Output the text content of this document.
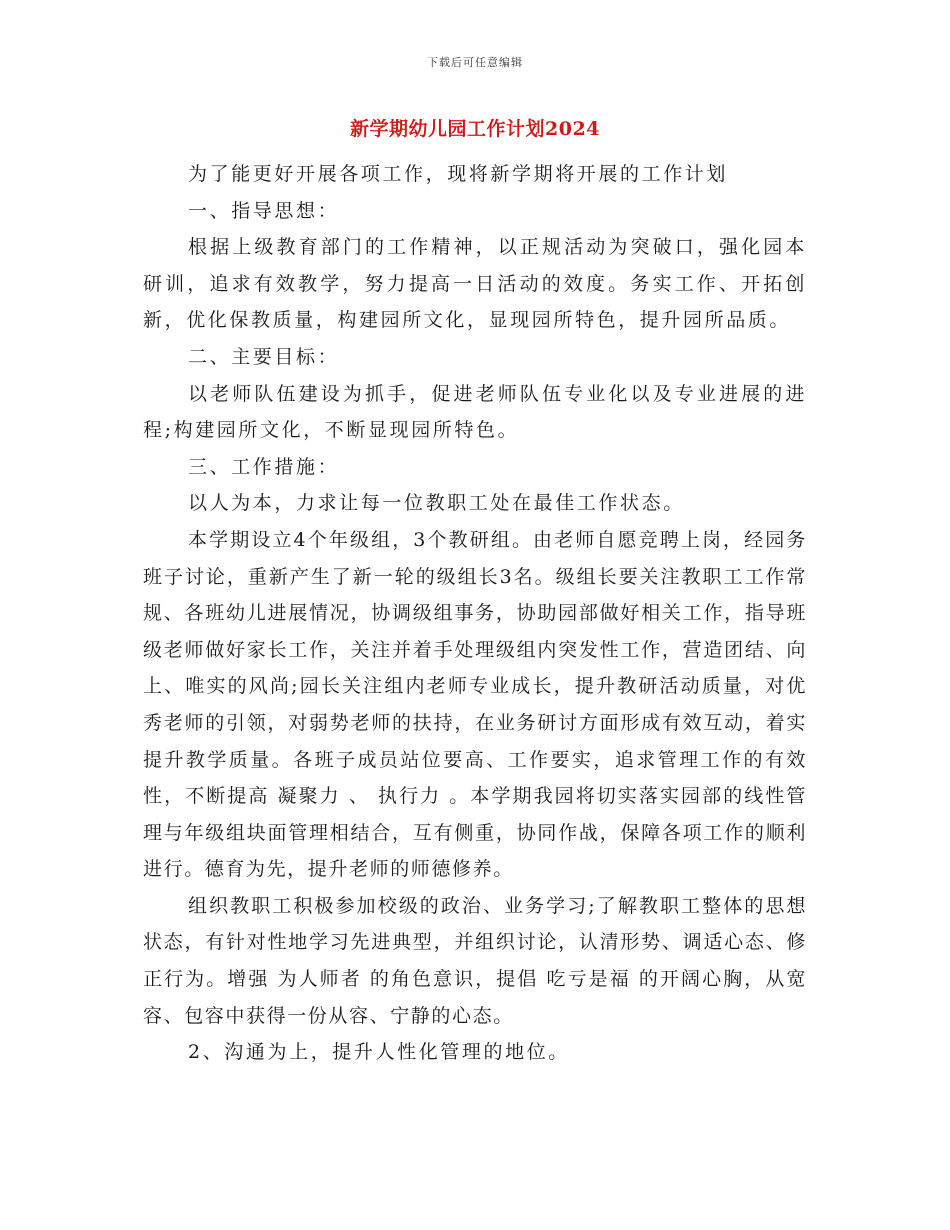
下载后可任意编辑
新学期幼儿园工作计划2024

为了能更好开展各项工作，现将新学期将开展的工作计划

一、指导思想：

根据上级教育部门的工作精神，以正规活动为突破口，强化园本研训，追求有效教学，努力提高一日活动的效度。务实工作、开拓创新，优化保教质量，构建园所文化，显现园所特色，提升园所品质。

二、主要目标：

以老师队伍建设为抓手，促进老师队伍专业化以及专业进展的进程;构建园所文化，不断显现园所特色。

三、工作措施：

以人为本，力求让每一位教职工处在最佳工作状态。

本学期设立4个年级组，3个教研组。由老师自愿竞聘上岗，经园务班子讨论，重新产生了新一轮的级组长3名。级组长要关注教职工工作常规、各班幼儿进展情况，协调级组事务，协助园部做好相关工作，指导班级老师做好家长工作，关注并着手处理级组内突发性工作，营造团结、向上、唯实的风尚;园长关注组内老师专业成长，提升教研活动质量，对优秀老师的引领，对弱势老师的扶持，在业务研讨方面形成有效互动，着实提升教学质量。各班子成员站位要高、工作要实，追求管理工作的有效性，不断提高 凝聚力 、 执行力 。本学期我园将切实落实园部的线性管理与年级组块面管理相结合，互有侧重，协同作战，保障各项工作的顺利进行。德育为先，提升老师的师德修养。

组织教职工积极参加校级的政治、业务学习;了解教职工整体的思想状态，有针对性地学习先进典型，并组织讨论，认清形势、调适心态、修正行为。增强 为人师者 的角色意识，提倡 吃亏是福 的开阔心胸，从宽容、包容中获得一份从容、宁静的心态。

2、沟通为上，提升人性化管理的地位。
